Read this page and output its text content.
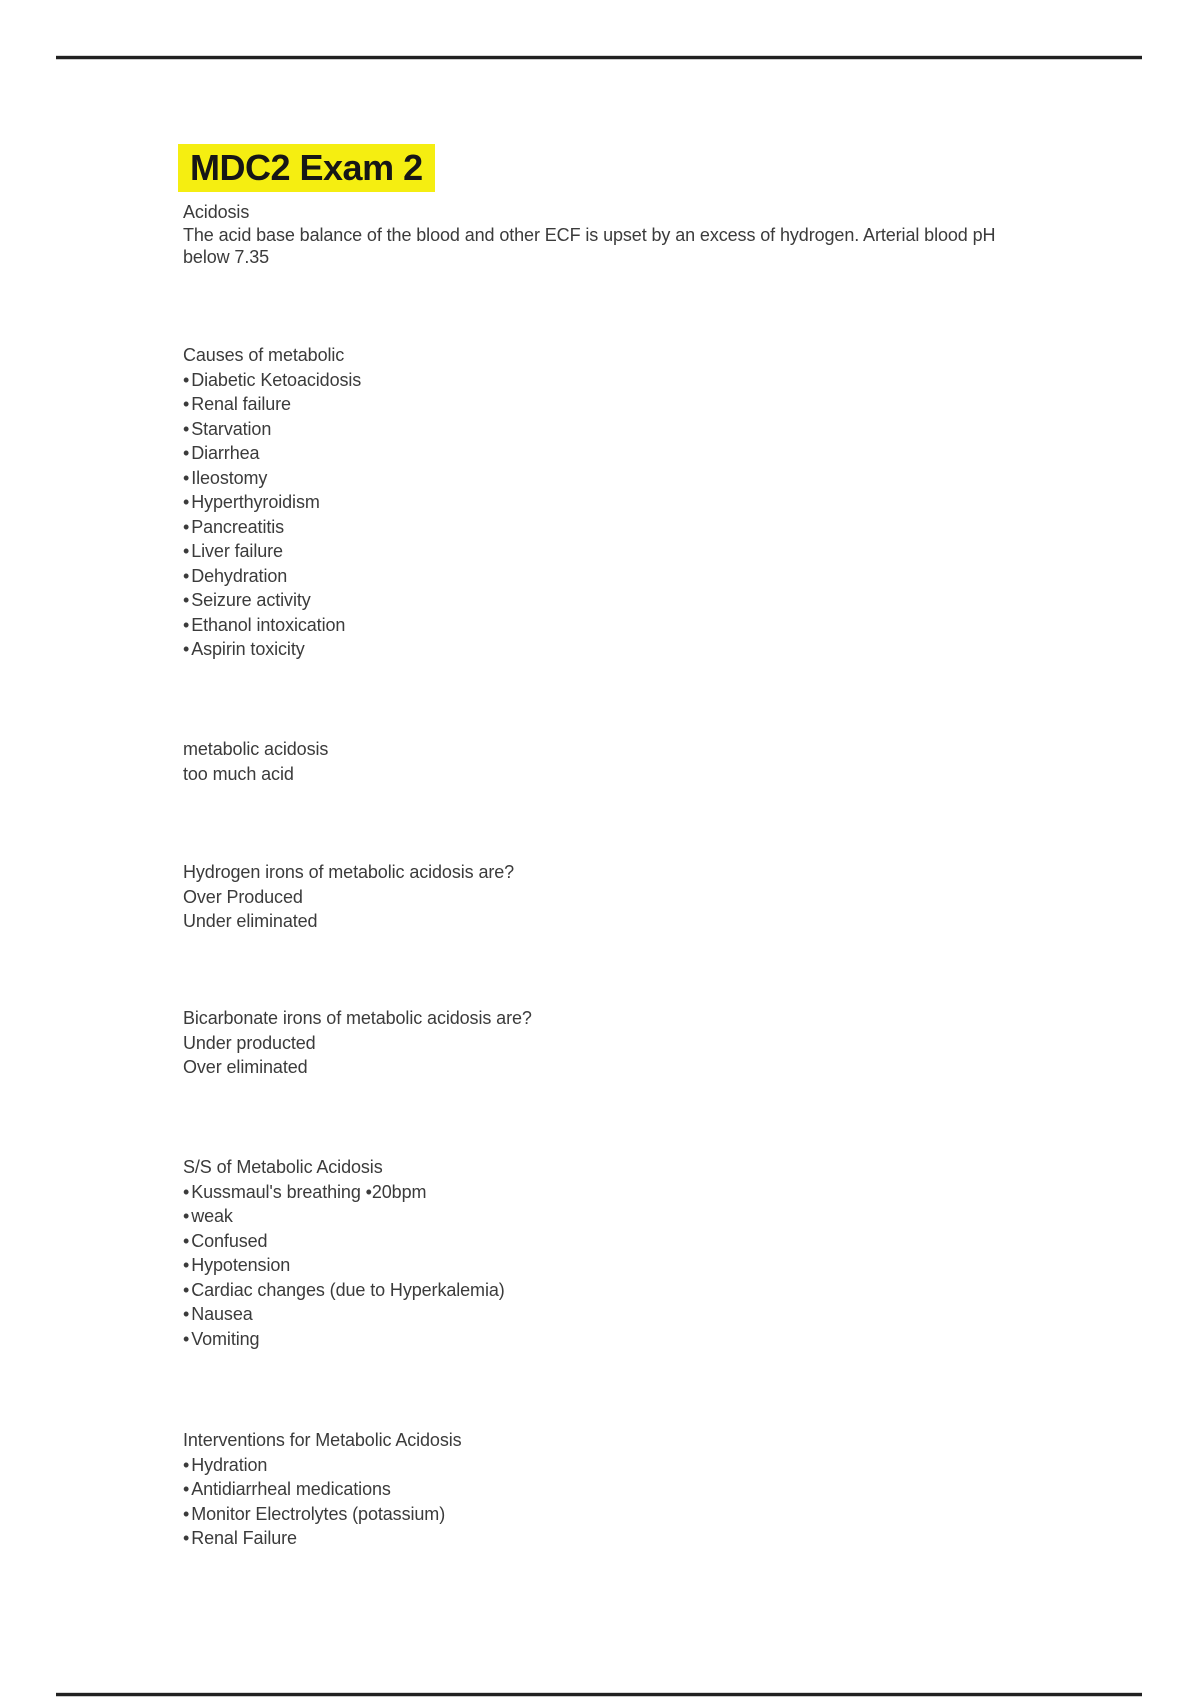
MDC2 Exam 2
Acidosis
The acid base balance of the blood and other ECF is upset by an excess of hydrogen. Arterial blood pH
below 7.35
Causes of metabolic
• Diabetic Ketoacidosis
• Renal failure
• Starvation
• Diarrhea
• Ileostomy
• Hyperthyroidism
• Pancreatitis
• Liver failure
• Dehydration
• Seizure activity
• Ethanol intoxication
• Aspirin toxicity
metabolic acidosis
too much acid
Hydrogen irons of metabolic acidosis are?
Over Produced
Under eliminated
Bicarbonate irons of metabolic acidosis are?
Under producted
Over eliminated
S/S of Metabolic Acidosis
• Kussmaul's breathing •20bpm
• weak
• Confused
• Hypotension
• Cardiac changes (due to Hyperkalemia)
• Nausea
• Vomiting
Interventions for Metabolic Acidosis
• Hydration
• Antidiarrheal medications
• Monitor Electrolytes (potassium)
• Renal Failure
